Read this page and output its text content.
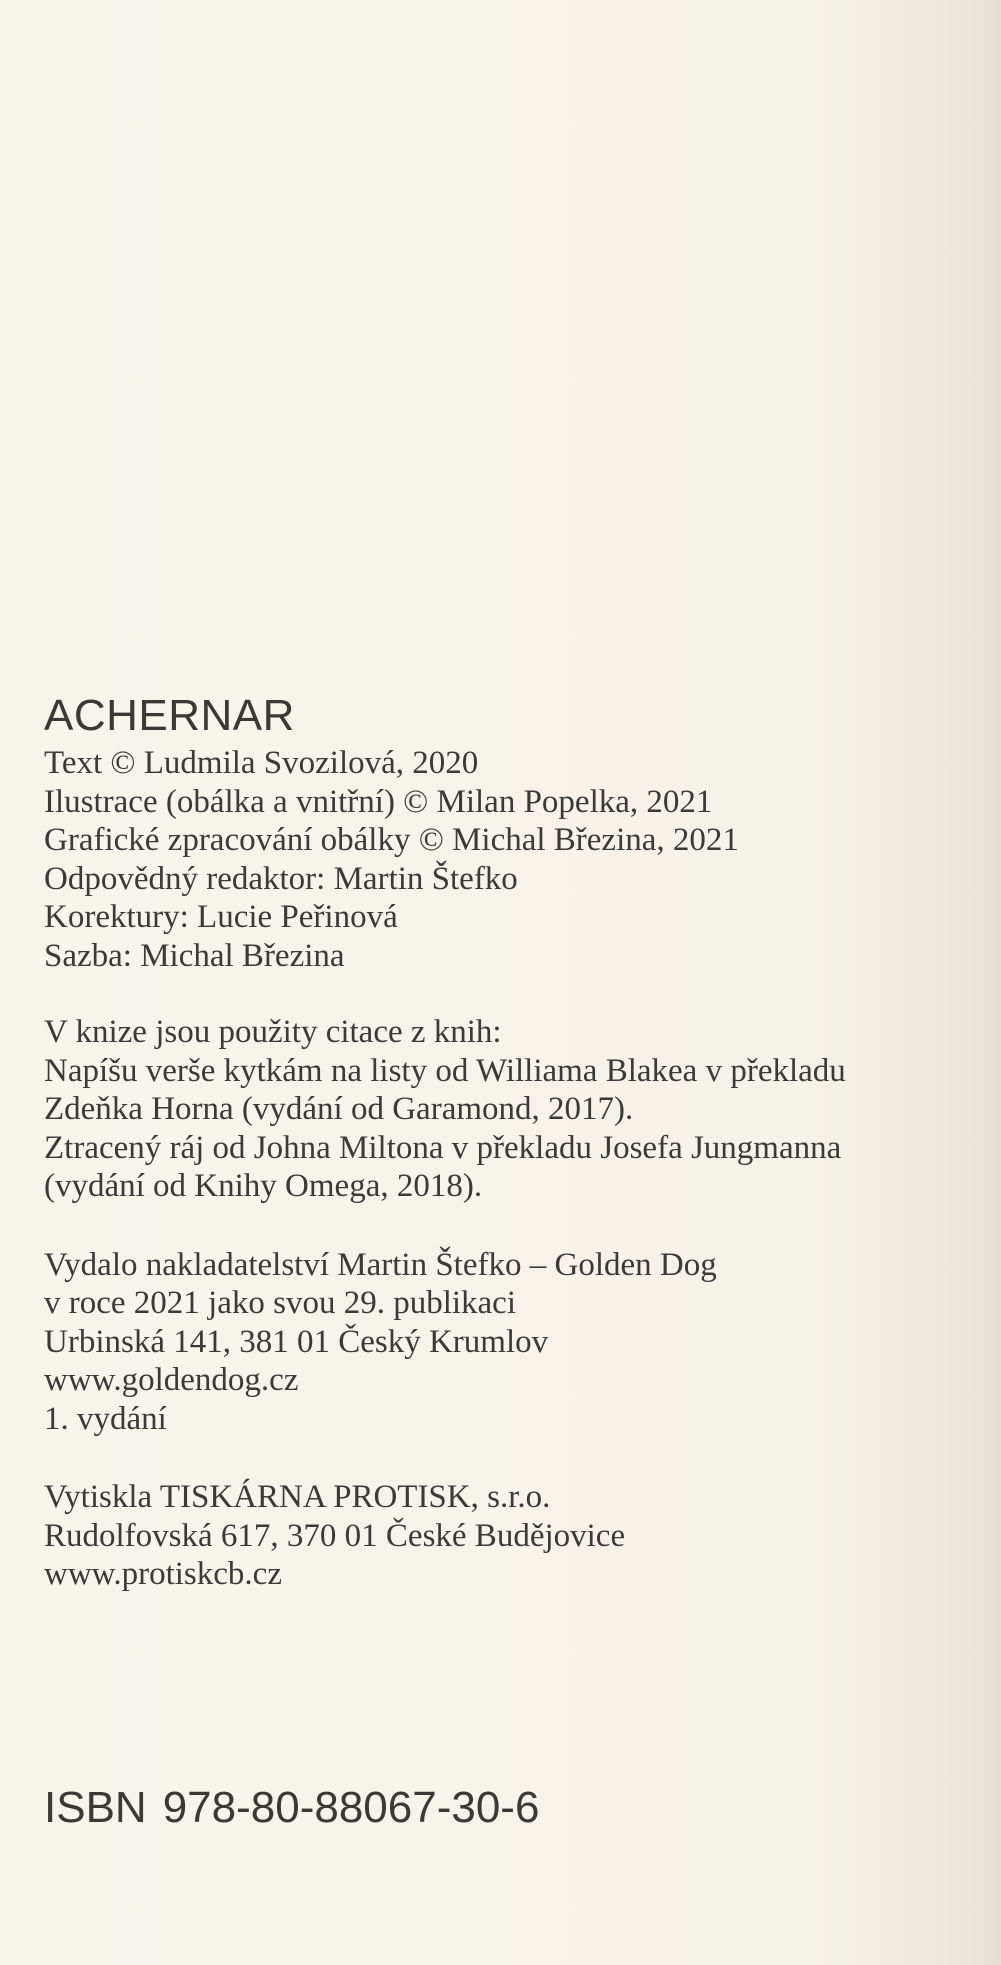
ACHERNAR
Text © Ludmila Svozilová, 2020
Ilustrace (obálka a vnitřní) © Milan Popelka, 2021
Grafické zpracování obálky © Michal Březina, 2021
Odpovědný redaktor: Martin Štefko
Korektury: Lucie Peřinová
Sazba: Michal Březina
V knize jsou použity citace z knih:
Napíšu verše kytkám na listy od Williama Blakea v překladu
Zdeňka Horna (vydání od Garamond, 2017).
Ztracený ráj od Johna Miltona v překladu Josefa Jungmanna
(vydání od Knihy Omega, 2018).
Vydalo nakladatelství Martin Štefko – Golden Dog
v roce 2021 jako svou 29. publikaci
Urbinská 141, 381 01 Český Krumlov
www.goldendog.cz
1. vydání
Vytiskla TISKÁRNA PROTISK, s.r.o.
Rudolfovská 617, 370 01 České Budějovice
www.protiskcb.cz
ISBN 978-80-88067-30-6
